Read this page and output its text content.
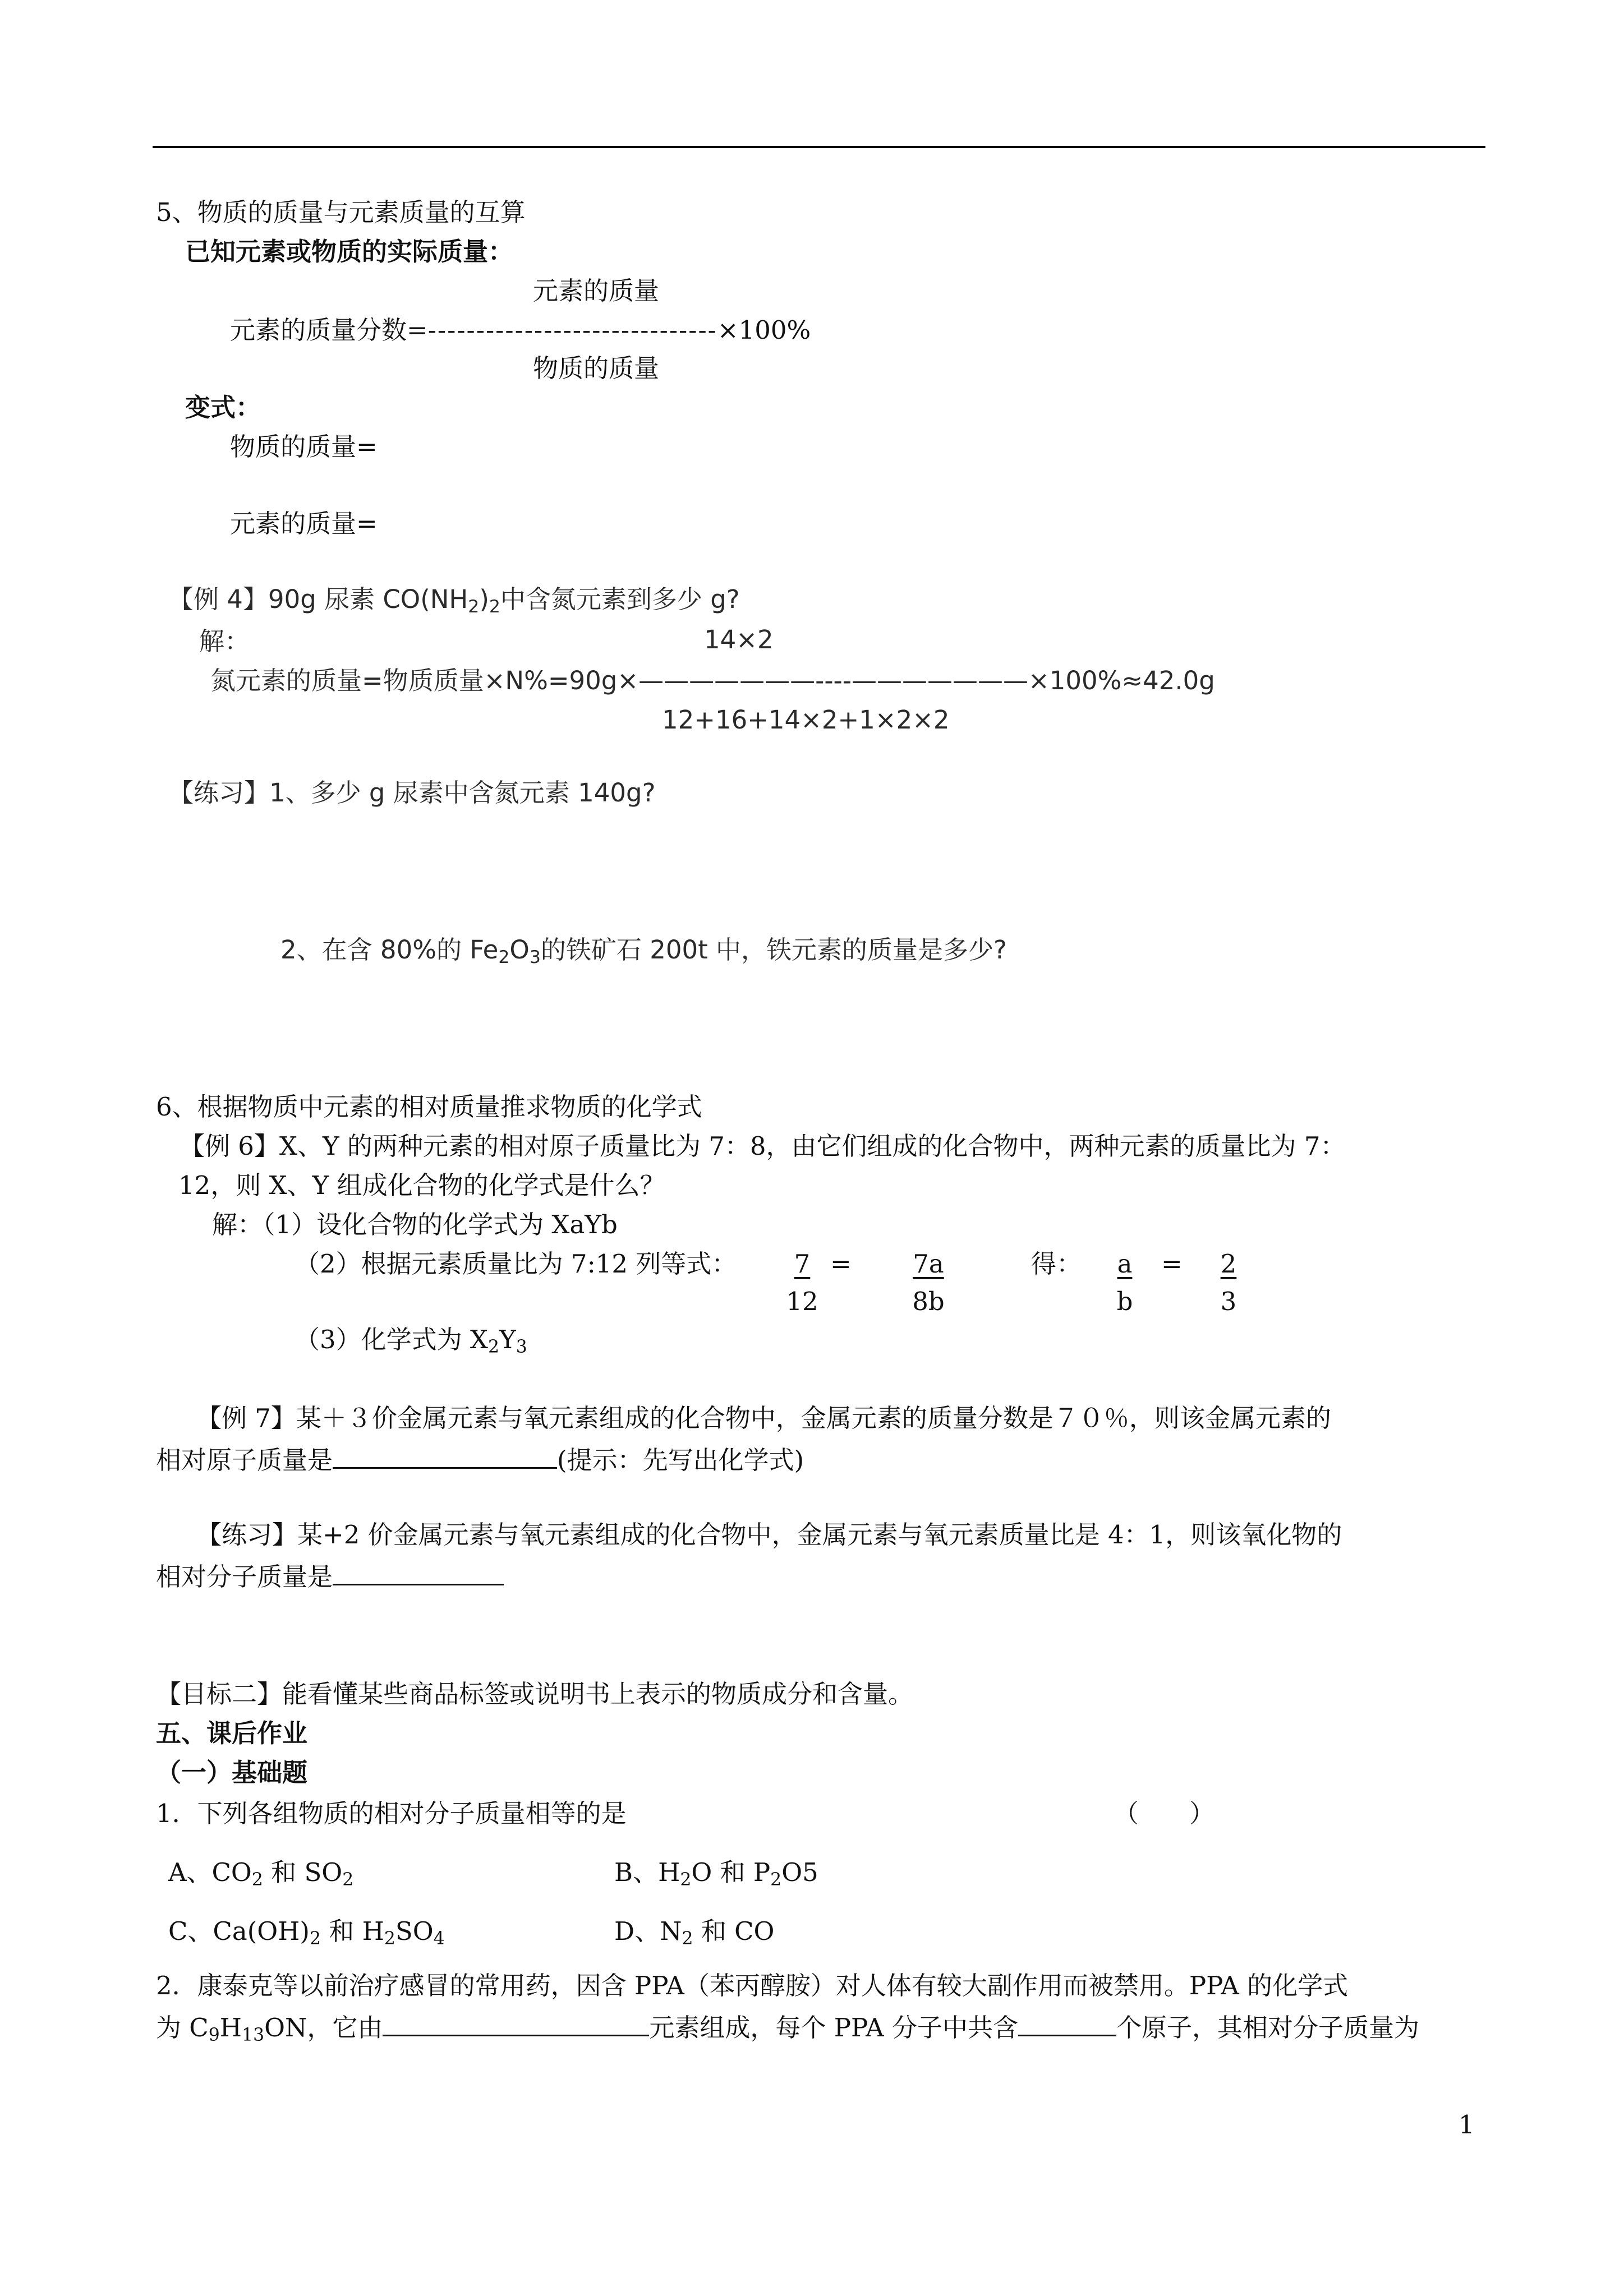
5、物质的质量与元素质量的互算
已知元素或物质的实际质量：
元素的质量
元素的质量分数=------------------------------×100%
物质的质量
变式：
物质的质量=
元素的质量=
【例 4】90g 尿素 $CO(NH_2)_2$中含氮元素到多少 g?
解：	14×2
氮元素的质量=物质质量×N%=90g×———————----———————×100%≈42.0g
12+16+14×2+1×2×2
【练习】1、多少 g 尿素中含氮元素 140g?
2、在含 80%的 $Fe_2O_3$的铁矿石 200t 中，铁元素的质量是多少?
6、根据物质中元素的相对质量推求物质的化学式
【例 6】X、Y 的两种元素的相对原子质量比为 7：8，由它们组成的化合物中，两种元素的质量比为 7：
12，则 X、Y 组成化合物的化学式是什么？
解：（1）设化合物的化学式为 XaYb
（2）根据元素质量比为 7:12 列等式：	7 =	7a	得：	a	=	2
12	8b	b	3
（3）化学式为 $X_2Y_3$
【例 7】某＋３价金属元素与氧元素组成的化合物中，金属元素的质量分数是７０％，则该金属元素的
相对原子质量是	(提示：先写出化学式)
【练习】某+2 价金属元素与氧元素组成的化合物中，金属元素与氧元素质量比是 4：1，则该氧化物的
相对分子质量是
【目标二】能看懂某些商品标签或说明书上表示的物质成分和含量。
五、课后作业
（一）基础题
1．下列各组物质的相对分子质量相等的是	（　　）
A、$CO_2$ 和 $SO_2$	B、$H_2O$ 和 $P_2O5$
C、$Ca(OH)_2$ 和 $H_2SO_4$	D、$N_2$ 和 CO
2．康泰克等以前治疗感冒的常用药，因含 PPA（苯丙醇胺）对人体有较大副作用而被禁用。PPA 的化学式
为 $C_9H_{13}ON$，它由	元素组成，每个 PPA 分子中共含	个原子，其相对分子质量为
1
